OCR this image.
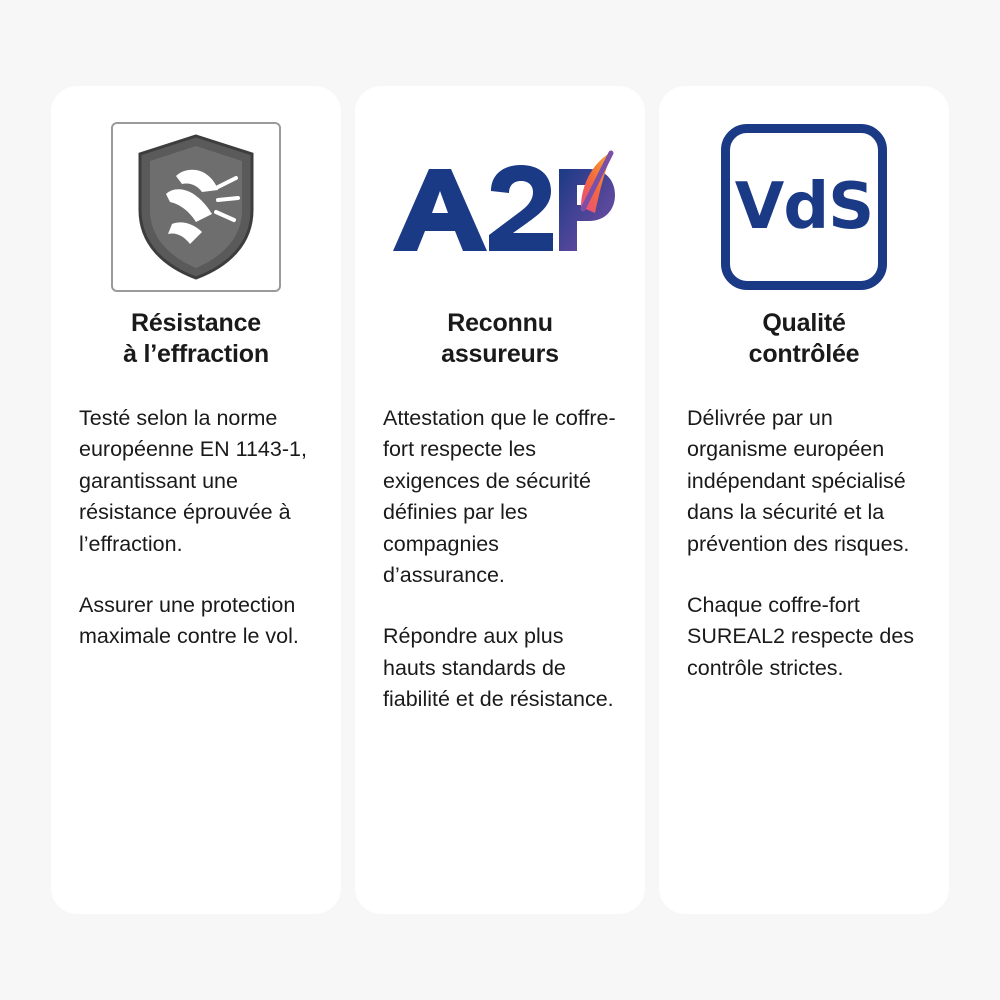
Résistance
à l’effraction

Testé selon la norme européenne EN 1143-1, garantissant une résistance éprouvée à l’effraction.

Assurer une protection maximale contre le vol.

Reconnu
assureurs

Attestation que le coffre-fort respecte les exigences de sécurité définies par les compagnies d’assurance.

Répondre aux plus hauts standards de fiabilité et de résistance.

VdS
Qualité
contrôlée

Délivrée par un organisme européen indépendant spécialisé dans la sécurité et la prévention des risques.

Chaque coffre-fort SUREAL2 respecte des contrôle strictes.
